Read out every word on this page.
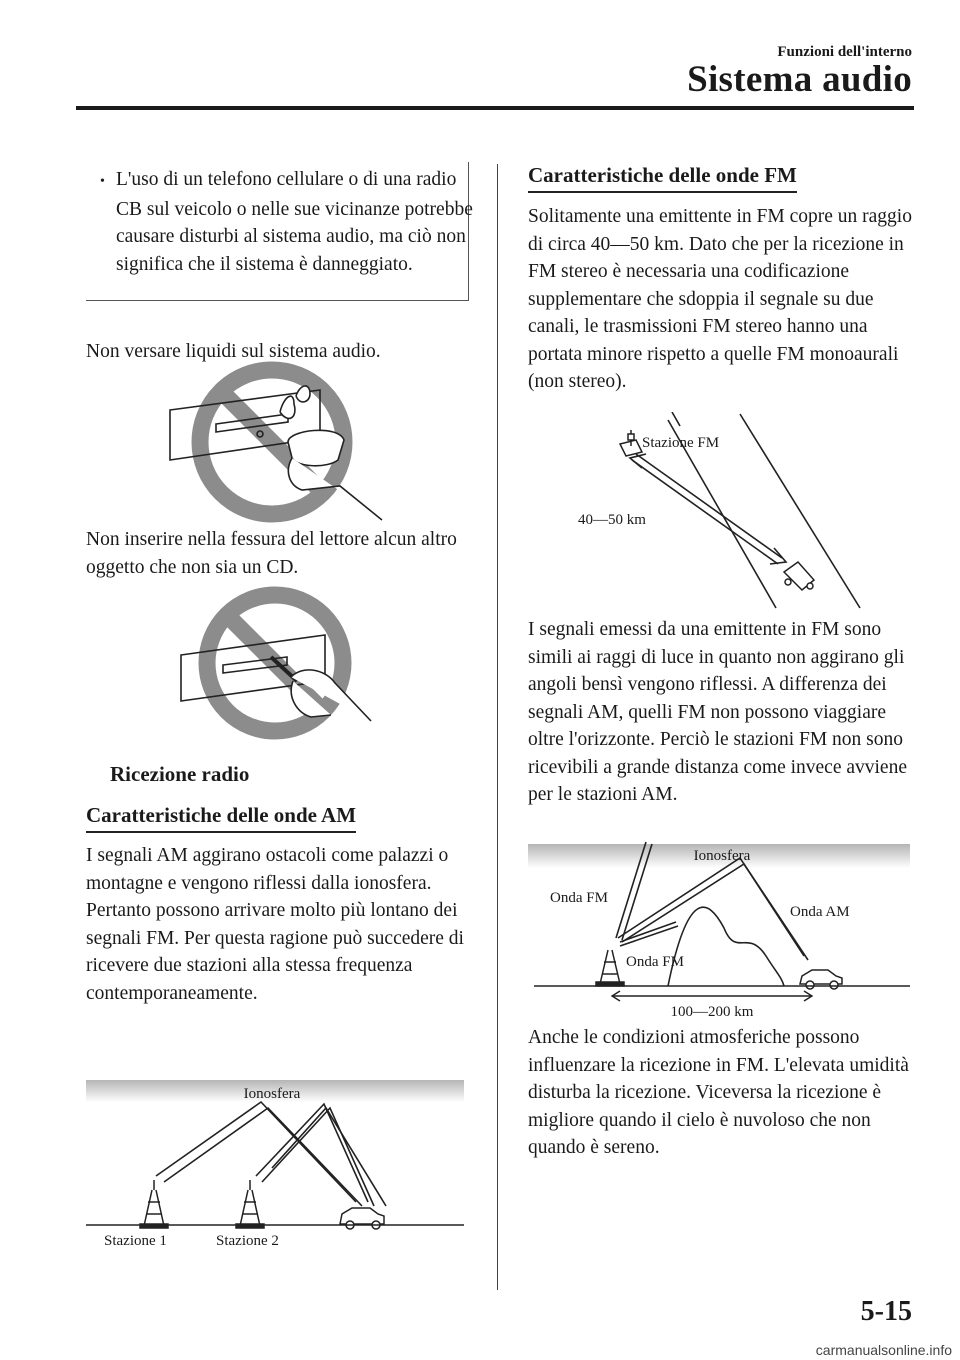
Funzioni dell'interno
Sistema audio
• L'uso di un telefono cellulare o di una radio CB sul veicolo o nelle sue vicinanze potrebbe causare disturbi al sistema audio, ma ciò non significa che il sistema è danneggiato.
Non versare liquidi sul sistema audio.
Non inserire nella fessura del lettore alcun altro oggetto che non sia un CD.
Ricezione radio
Caratteristiche delle onde AM
I segnali AM aggirano ostacoli come palazzi o montagne e vengono riflessi dalla ionosfera. Pertanto possono arrivare molto più lontano dei segnali FM. Per questa ragione può succedere di ricevere due stazioni alla stessa frequenza contemporaneamente.
Ionosfera
Stazione 1	Stazione 2
Caratteristiche delle onde FM
Solitamente una emittente in FM copre un raggio di circa 40―50 km. Dato che per la ricezione in FM stereo è necessaria una codificazione supplementare che sdoppia il segnale su due canali, le trasmissioni FM stereo hanno una portata minore rispetto a quelle FM monoaurali (non stereo).
Stazione FM
40―50 km
I segnali emessi da una emittente in FM sono simili ai raggi di luce in quanto non aggirano gli angoli bensì vengono riflessi. A differenza dei segnali AM, quelli FM non possono viaggiare oltre l'orizzonte. Perciò le stazioni FM non sono ricevibili a grande distanza come invece avviene per le stazioni AM.
Ionosfera
Onda FM
Onda AM
Onda FM
100―200 km
Anche le condizioni atmosferiche possono influenzare la ricezione in FM. L'elevata umidità disturba la ricezione. Viceversa la ricezione è migliore quando il cielo è nuvoloso che non quando è sereno.
5-15
carmanualsonline.info
